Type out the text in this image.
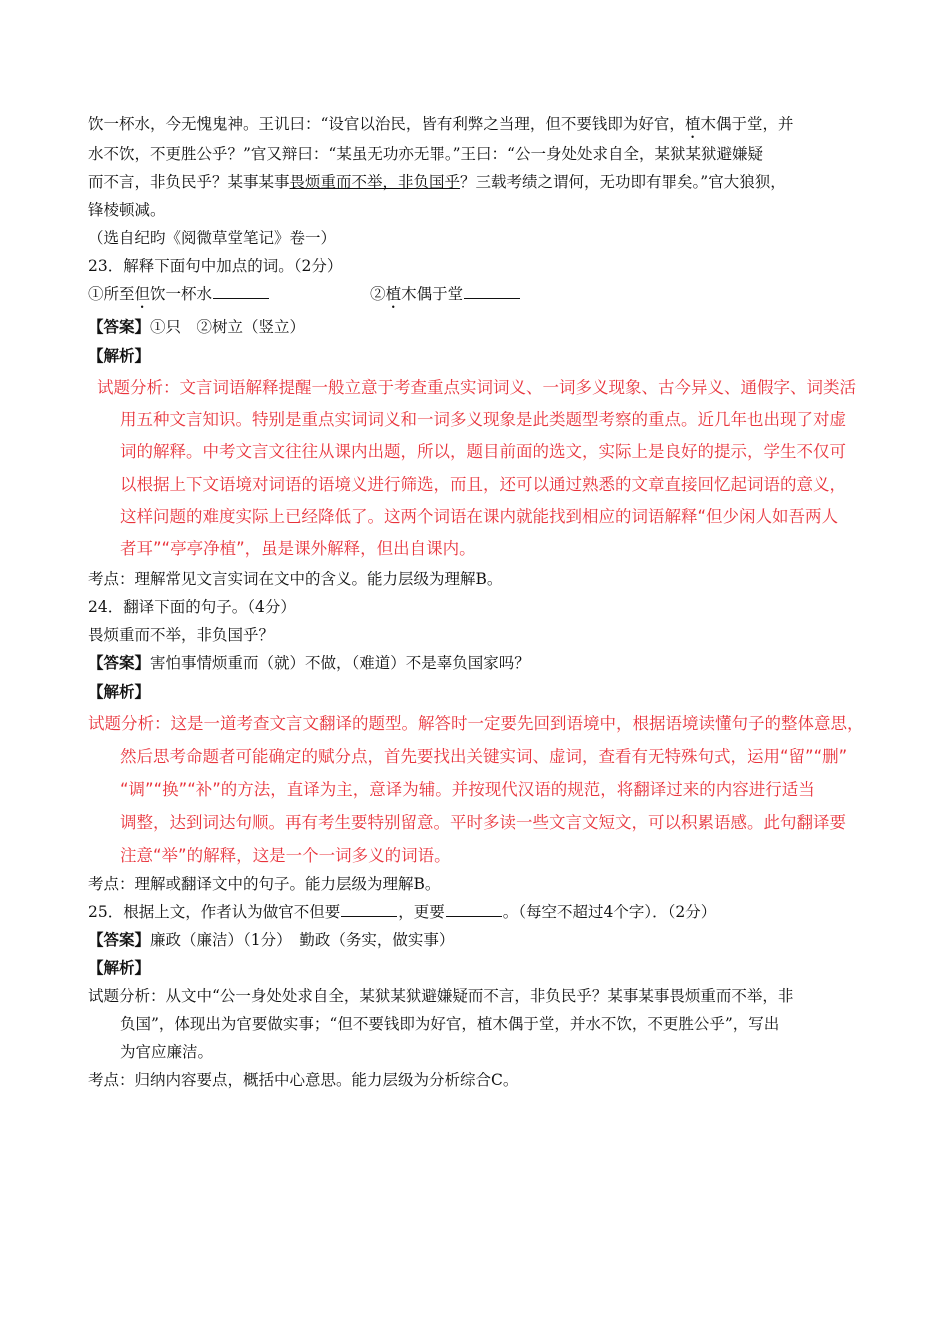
饮一杯水，今无愧鬼神。王讥曰：“设官以治民，皆有利弊之当理，但不要钱即为好官，植木偶于堂，并
水不饮，不更胜公乎？”官又辩曰：“某虽无功亦无罪。”王曰：“公一身处处求自全，某狱某狱避嫌疑
而不言，非负民乎？某事某事畏烦重而不举，非负国乎？三载考绩之谓何，无功即有罪矣。”官大狼狈，
锋棱顿减。
（选自纪昀《阅微草堂笔记》卷一）
23．解释下面句中加点的词。（2分）
①所至但饮一杯水	②植木偶于堂
【答案】①只　②树立（竖立）
【解析】
试题分析：文言词语解释提醒一般立意于考查重点实词词义、一词多义现象、古今异义、通假字、词类活
用五种文言知识。特别是重点实词词义和一词多义现象是此类题型考察的重点。近几年也出现了对虚
词的解释。中考文言文往往从课内出题，所以，题目前面的选文，实际上是良好的提示，学生不仅可
以根据上下文语境对词语的语境义进行筛选，而且，还可以通过熟悉的文章直接回忆起词语的意义，
这样问题的难度实际上已经降低了。这两个词语在课内就能找到相应的词语解释“但少闲人如吾两人
者耳”“亭亭净植”，虽是课外解释，但出自课内。
考点：理解常见文言实词在文中的含义。能力层级为理解B。
24．翻译下面的句子。（4分）
畏烦重而不举，非负国乎？
【答案】害怕事情烦重而（就）不做，（难道）不是辜负国家吗？
【解析】
试题分析：这是一道考查文言文翻译的题型。解答时一定要先回到语境中，根据语境读懂句子的整体意思，
然后思考命题者可能确定的赋分点，首先要找出关键实词、虚词，查看有无特殊句式，运用“留”“删”
“调”“换”“补”的方法，直译为主，意译为辅。并按现代汉语的规范，将翻译过来的内容进行适当
调整，达到词达句顺。再有考生要特别留意。平时多读一些文言文短文，可以积累语感。此句翻译要
注意“举”的解释，这是一个一词多义的词语。
考点：理解或翻译文中的句子。能力层级为理解B。
25．根据上文，作者认为做官不但要	，更要	。（每空不超过4个字）．（2分）
【答案】廉政（廉洁）（1分）　勤政（务实，做实事）
【解析】
试题分析：从文中“公一身处处求自全，某狱某狱避嫌疑而不言，非负民乎？某事某事畏烦重而不举，非
负国”，体现出为官要做实事；“但不要钱即为好官，植木偶于堂，并水不饮，不更胜公乎”，写出
为官应廉洁。
考点：归纳内容要点，概括中心意思。能力层级为分析综合C。
